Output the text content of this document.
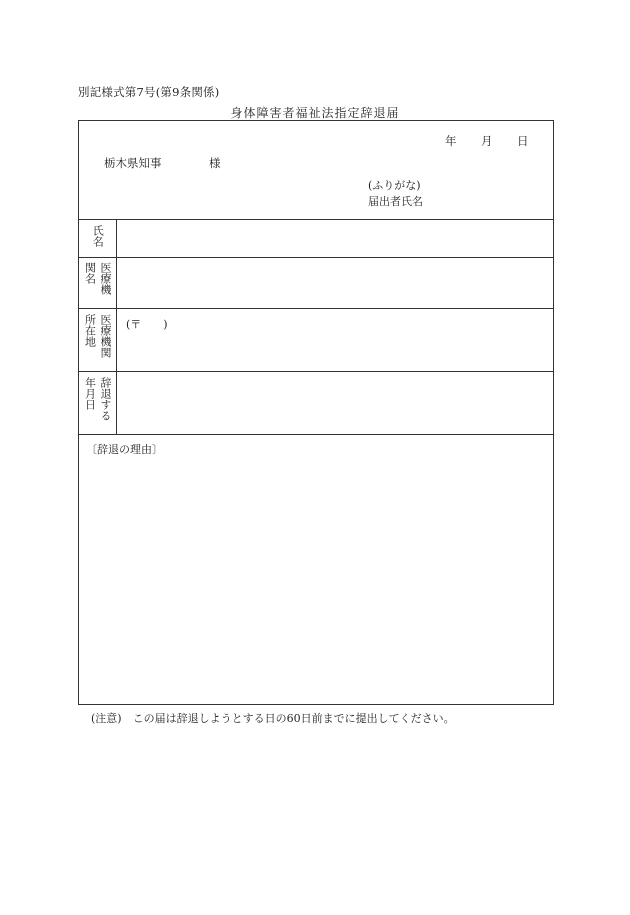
別記様式第7号(第9条関係)
身体障害者福祉法指定辞退届
年 月 日
栃木県知事	様
(ふりがな)
届出者氏名
氏名
医療機
関名
医療機関
所在地	(〒　　)
辞退する
年月日
〔辞退の理由〕
(注意)　この届は辞退しようとする日の60日前までに提出してください。
